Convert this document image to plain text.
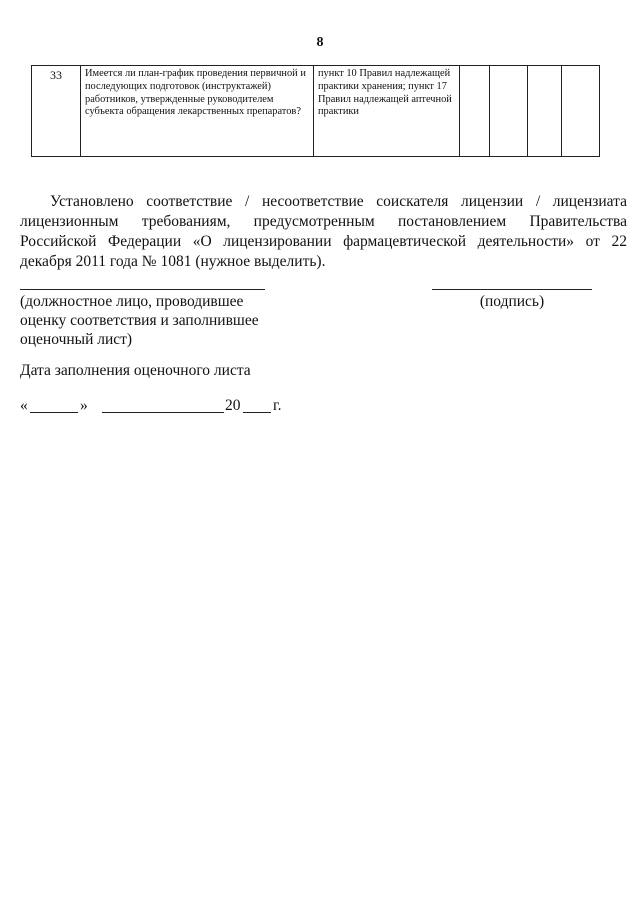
8
33	Имеется ли план-график проведения первичной и последующих подготовок (инструктажей) работников, утвержденные руководителем субъекта обращения лекарственных препаратов?	пункт 10 Правил надлежащей практики хранения; пункт 17 Правил надлежащей аптечной практики				

Установлено соответствие / несоответствие соискателя лицензии / лицензиата лицензионным требованиям, предусмотренным постановлением Правительства Российской Федерации «О лицензировании фармацевтической деятельности» от 22 декабря 2011 года № 1081 (нужное выделить).

(должностное лицо, проводившее оценку соответствия и заполнившее оценочный лист)

(подпись)
Дата заполнения оценочного листа
«	»	20 г.
